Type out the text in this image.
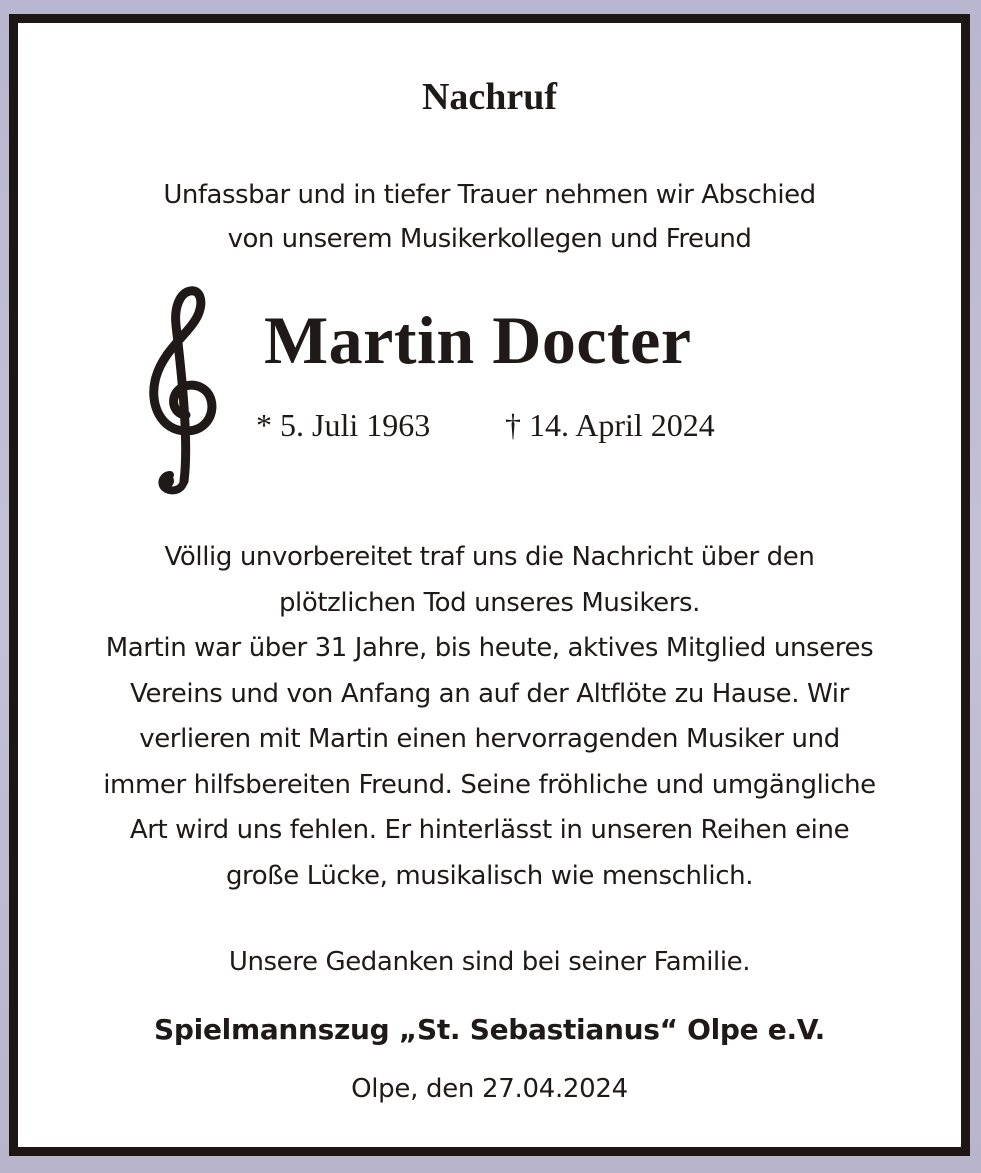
Nachruf
Unfassbar und in tiefer Trauer nehmen wir Abschied
von unserem Musikerkollegen und Freund
Martin Docter
* 5. Juli 1963 † 14. April 2024
Völlig unvorbereitet traf uns die Nachricht über den
plötzlichen Tod unseres Musikers.
Martin war über 31 Jahre, bis heute, aktives Mitglied unseres
Vereins und von Anfang an auf der Altflöte zu Hause. Wir
verlieren mit Martin einen hervorragenden Musiker und
immer hilfsbereiten Freund. Seine fröhliche und umgängliche
Art wird uns fehlen. Er hinterlässt in unseren Reihen eine
große Lücke, musikalisch wie menschlich.
Unsere Gedanken sind bei seiner Familie.
Spielmannszug „St. Sebastianus“ Olpe e.V.
Olpe, den 27.04.2024
